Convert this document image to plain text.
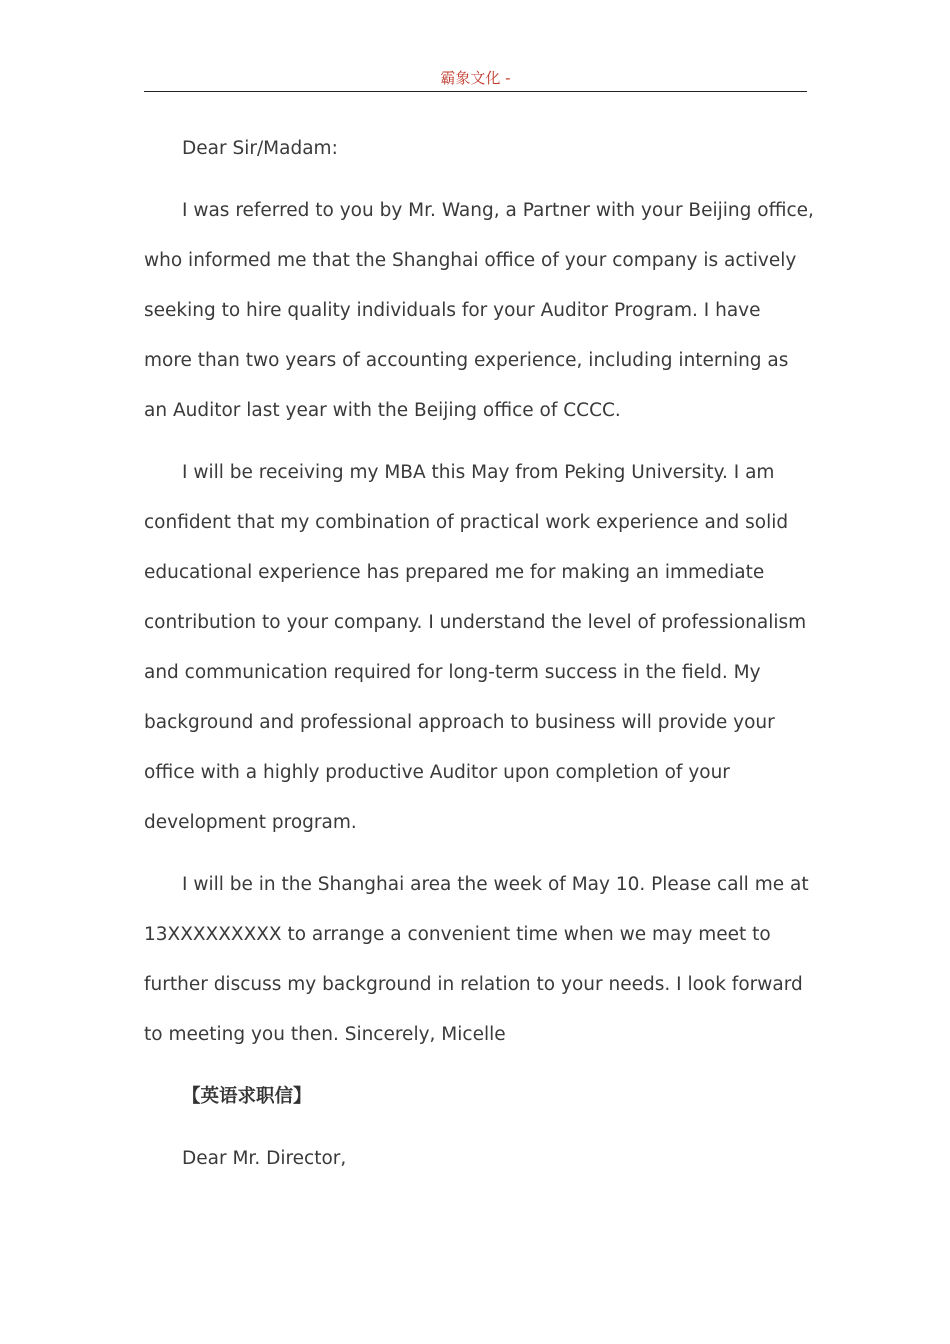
霸象文化 -

Dear Sir/Madam:

I was referred to you by Mr. Wang, a Partner with your Beijing office, who informed me that the Shanghai office of your company is actively seeking to hire quality individuals for your Auditor Program. I have more than two years of accounting experience, including interning as an Auditor last year with the Beijing office of CCCC.

I will be receiving my MBA this May from Peking University. I am confident that my combination of practical work experience and solid educational experience has prepared me for making an immediate contribution to your company. I understand the level of professionalism and communication required for long-term success in the field. My background and professional approach to business will provide your office with a highly productive Auditor upon completion of your development program.

I will be in the Shanghai area the week of May 10. Please call me at 13XXXXXXXXX to arrange a convenient time when we may meet to further discuss my background in relation to your needs. I look forward to meeting you then. Sincerely, Micelle

【英语求职信】

Dear Mr. Director,
